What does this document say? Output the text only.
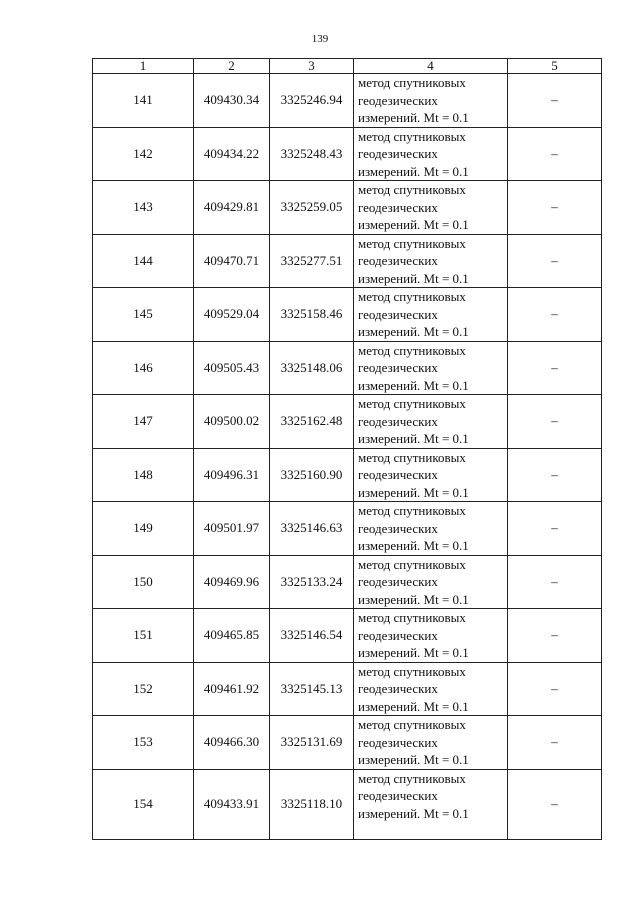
139
1	2	3	4	5
141	409430.34	3325246.94	метод спутниковых
геодезических
измерений. Mt = 0.1	–
142	409434.22	3325248.43	метод спутниковых
геодезических
измерений. Mt = 0.1	–
143	409429.81	3325259.05	метод спутниковых
геодезических
измерений. Mt = 0.1	–
144	409470.71	3325277.51	метод спутниковых
геодезических
измерений. Mt = 0.1	–
145	409529.04	3325158.46	метод спутниковых
геодезических
измерений. Mt = 0.1	–
146	409505.43	3325148.06	метод спутниковых
геодезических
измерений. Mt = 0.1	–
147	409500.02	3325162.48	метод спутниковых
геодезических
измерений. Mt = 0.1	–
148	409496.31	3325160.90	метод спутниковых
геодезических
измерений. Mt = 0.1	–
149	409501.97	3325146.63	метод спутниковых
геодезических
измерений. Mt = 0.1	–
150	409469.96	3325133.24	метод спутниковых
геодезических
измерений. Mt = 0.1	–
151	409465.85	3325146.54	метод спутниковых
геодезических
измерений. Mt = 0.1	–
152	409461.92	3325145.13	метод спутниковых
геодезических
измерений. Mt = 0.1	–
153	409466.30	3325131.69	метод спутниковых
геодезических
измерений. Mt = 0.1	–
154	409433.91	3325118.10	метод спутниковых
геодезических
измерений. Mt = 0.1	–
